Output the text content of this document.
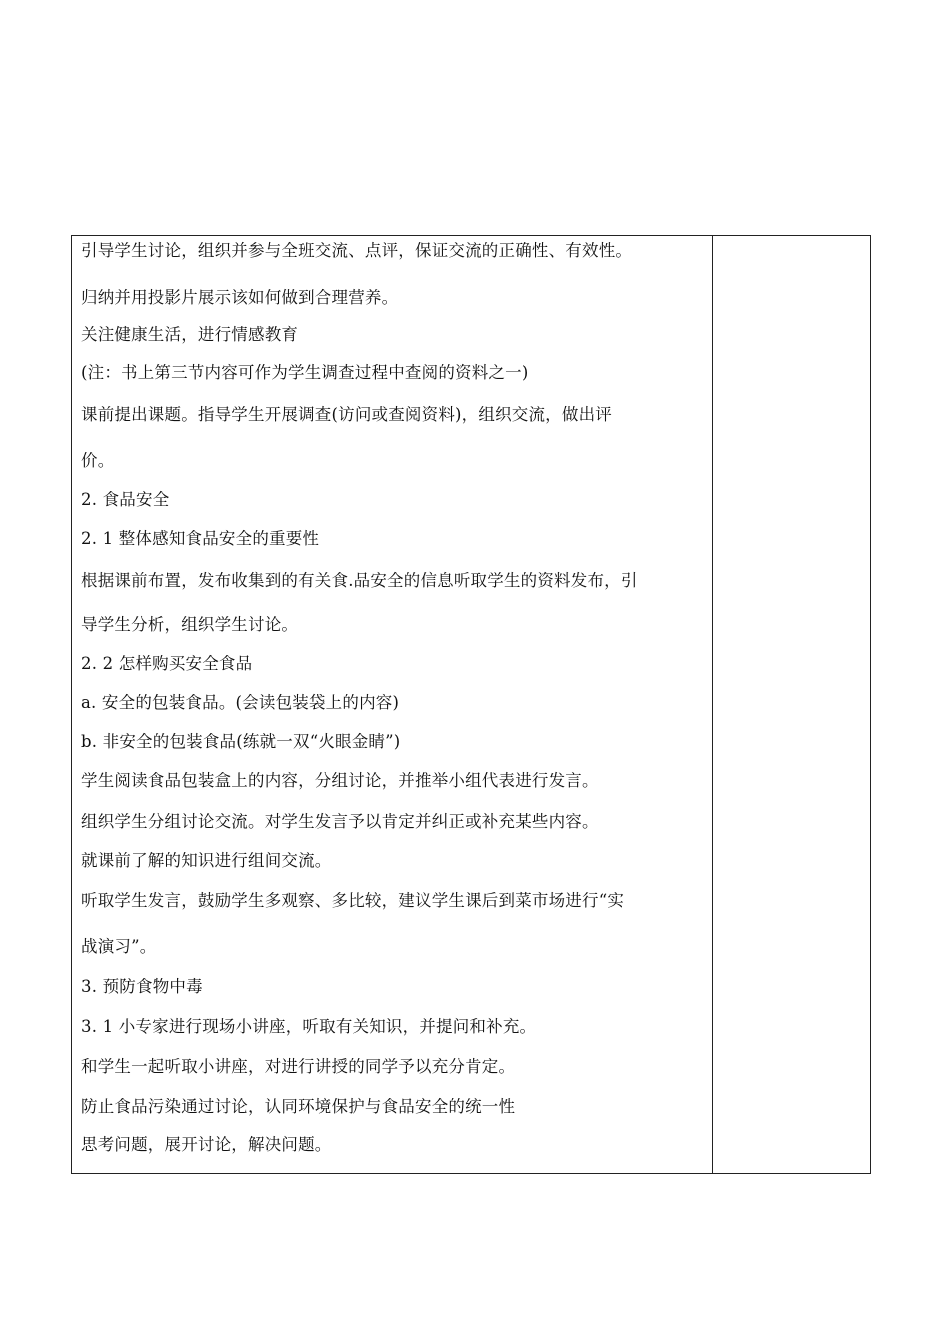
引导学生讨论，组织并参与全班交流、点评，保证交流的正确性、有效性。
归纳并用投影片展示该如何做到合理营养。
关注健康生活，进行情感教育
(注：书上第三节内容可作为学生调查过程中查阅的资料之一)
课前提出课题。指导学生开展调查(访问或查阅资料)，组织交流，做出评
价。
2. 食品安全
2. 1 整体感知食品安全的重要性
根据课前布置，发布收集到的有关食.品安全的信息听取学生的资料发布，引
导学生分析，组织学生讨论。
2. 2 怎样购买安全食品
a. 安全的包装食品。(会读包装袋上的内容)
b. 非安全的包装食品(练就一双“火眼金睛”)
学生阅读食品包装盒上的内容，分组讨论，并推举小组代表进行发言。
组织学生分组讨论交流。对学生发言予以肯定并纠正或补充某些内容。
就课前了解的知识进行组间交流。
听取学生发言，鼓励学生多观察、多比较，建议学生课后到菜市场进行“实
战演习”。
3. 预防食物中毒
3. 1 小专家进行现场小讲座，听取有关知识，并提问和补充。
和学生一起听取小讲座，对进行讲授的同学予以充分肯定。
防止食品污染通过讨论，认同环境保护与食品安全的统一性
思考问题，展开讨论，解决问题。
